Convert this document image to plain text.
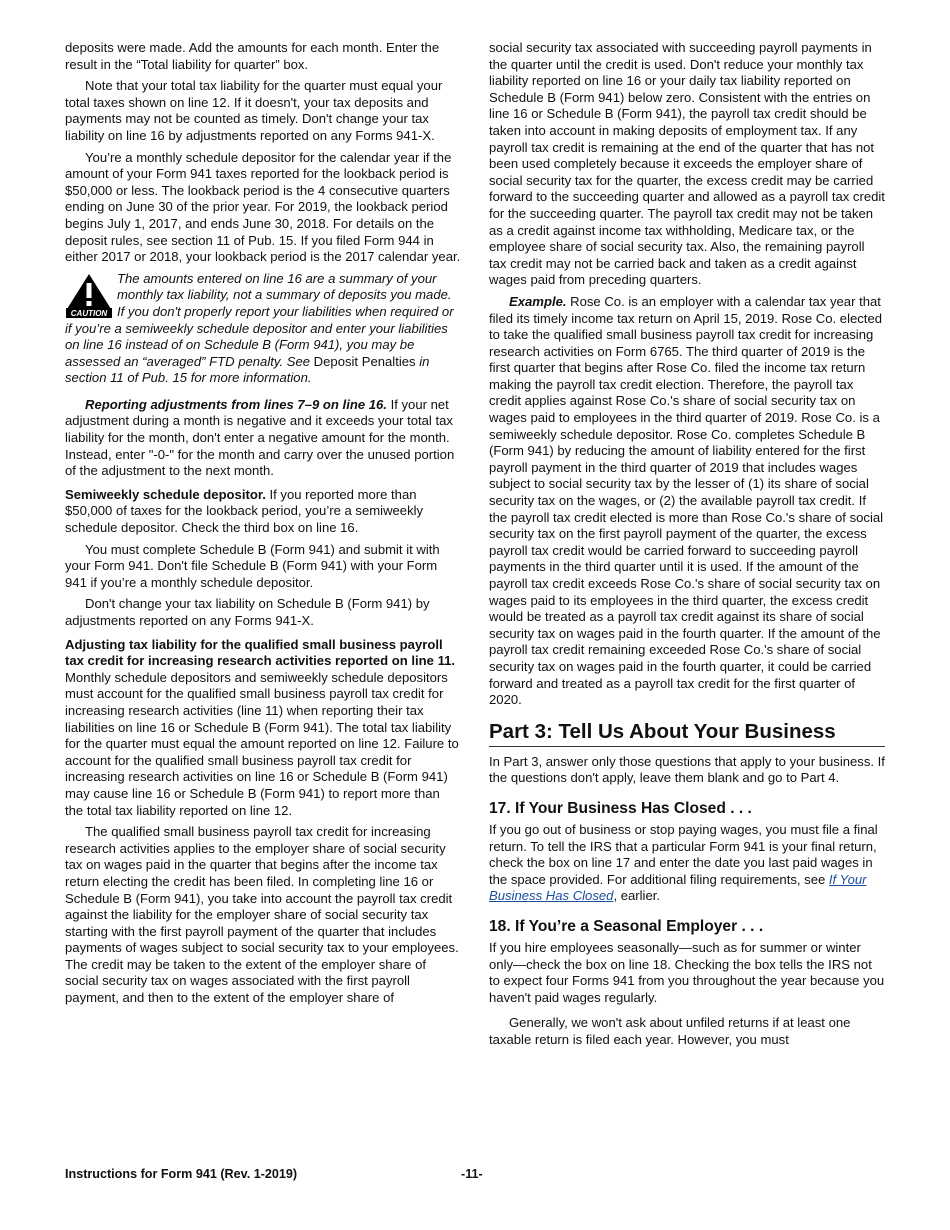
deposits were made. Add the amounts for each month. Enter the result in the “Total liability for quarter” box.

Note that your total tax liability for the quarter must equal your total taxes shown on line 12. If it doesn't, your tax deposits and payments may not be counted as timely. Don't change your tax liability on line 16 by adjustments reported on any Forms 941-X.

You’re a monthly schedule depositor for the calendar year if the amount of your Form 941 taxes reported for the lookback period is $50,000 or less. The lookback period is the 4 consecutive quarters ending on June 30 of the prior year. For 2019, the lookback period begins July 1, 2017, and ends June 30, 2018. For details on the deposit rules, see section 11 of Pub. 15. If you filed Form 944 in either 2017 or 2018, your lookback period is the 2017 calendar year.

CAUTION
The amounts entered on line 16 are a summary of your monthly tax liability, not a summary of deposits you made. If you don't properly report your liabilities when required or if you’re a semiweekly schedule depositor and enter your liabilities on line 16 instead of on Schedule B (Form 941), you may be assessed an “averaged” FTD penalty. See Deposit Penalties in section 11 of Pub. 15 for more information.

Reporting adjustments from lines 7–9 on line 16. If your net adjustment during a month is negative and it exceeds your total tax liability for the month, don't enter a negative amount for the month. Instead, enter "-0-" for the month and carry over the unused portion of the adjustment to the next month.

Semiweekly schedule depositor. If you reported more than $50,000 of taxes for the lookback period, you’re a semiweekly schedule depositor. Check the third box on line 16.

You must complete Schedule B (Form 941) and submit it with your Form 941. Don't file Schedule B (Form 941) with your Form 941 if you’re a monthly schedule depositor.

Don't change your tax liability on Schedule B (Form 941) by adjustments reported on any Forms 941-X.

Adjusting tax liability for the qualified small business payroll tax credit for increasing research activities reported on line 11. Monthly schedule depositors and semiweekly schedule depositors must account for the qualified small business payroll tax credit for increasing research activities (line 11) when reporting their tax liabilities on line 16 or Schedule B (Form 941). The total tax liability for the quarter must equal the amount reported on line 12. Failure to account for the qualified small business payroll tax credit for increasing research activities on line 16 or Schedule B (Form 941) may cause line 16 or Schedule B (Form 941) to report more than the total tax liability reported on line 12.

The qualified small business payroll tax credit for increasing research activities applies to the employer share of social security tax on wages paid in the quarter that begins after the income tax return electing the credit has been filed. In completing line 16 or Schedule B (Form 941), you take into account the payroll tax credit against the liability for the employer share of social security tax starting with the first payroll payment of the quarter that includes payments of wages subject to social security tax to your employees. The credit may be taken to the extent of the employer share of social security tax on wages associated with the first payroll payment, and then to the extent of the employer share of

social security tax associated with succeeding payroll payments in the quarter until the credit is used. Don't reduce your monthly tax liability reported on line 16 or your daily tax liability reported on Schedule B (Form 941) below zero. Consistent with the entries on line 16 or Schedule B (Form 941), the payroll tax credit should be taken into account in making deposits of employment tax. If any payroll tax credit is remaining at the end of the quarter that has not been used completely because it exceeds the employer share of social security tax for the quarter, the excess credit may be carried forward to the succeeding quarter and allowed as a payroll tax credit for the succeeding quarter. The payroll tax credit may not be taken as a credit against income tax withholding, Medicare tax, or the employee share of social security tax. Also, the remaining payroll tax credit may not be carried back and taken as a credit against wages paid from preceding quarters.

Example. Rose Co. is an employer with a calendar tax year that filed its timely income tax return on April 15, 2019. Rose Co. elected to take the qualified small business payroll tax credit for increasing research activities on Form 6765. The third quarter of 2019 is the first quarter that begins after Rose Co. filed the income tax return making the payroll tax credit election. Therefore, the payroll tax credit applies against Rose Co.'s share of social security tax on wages paid to employees in the third quarter of 2019. Rose Co. is a semiweekly schedule depositor. Rose Co. completes Schedule B (Form 941) by reducing the amount of liability entered for the first payroll payment in the third quarter of 2019 that includes wages subject to social security tax by the lesser of (1) its share of social security tax on the wages, or (2) the available payroll tax credit. If the payroll tax credit elected is more than Rose Co.'s share of social security tax on the first payroll payment of the quarter, the excess payroll tax credit would be carried forward to succeeding payroll payments in the third quarter until it is used. If the amount of the payroll tax credit exceeds Rose Co.'s share of social security tax on wages paid to its employees in the third quarter, the excess credit would be treated as a payroll tax credit against its share of social security tax on wages paid in the fourth quarter. If the amount of the payroll tax credit remaining exceeded Rose Co.'s share of social security tax on wages paid in the fourth quarter, it could be carried forward and treated as a payroll tax credit for the first quarter of 2020.

Part 3: Tell Us About Your Business

In Part 3, answer only those questions that apply to your business. If the questions don't apply, leave them blank and go to Part 4.

17. If Your Business Has Closed . . .

If you go out of business or stop paying wages, you must file a final return. To tell the IRS that a particular Form 941 is your final return, check the box on line 17 and enter the date you last paid wages in the space provided. For additional filing requirements, see If Your Business Has Closed, earlier.

18. If You’re a Seasonal Employer . . .

If you hire employees seasonally—such as for summer or winter only—check the box on line 18. Checking the box tells the IRS not to expect four Forms 941 from you throughout the year because you haven't paid wages regularly.

Generally, we won't ask about unfiled returns if at least one taxable return is filed each year. However, you must

Instructions for Form 941 (Rev. 1-2019)	-11-
